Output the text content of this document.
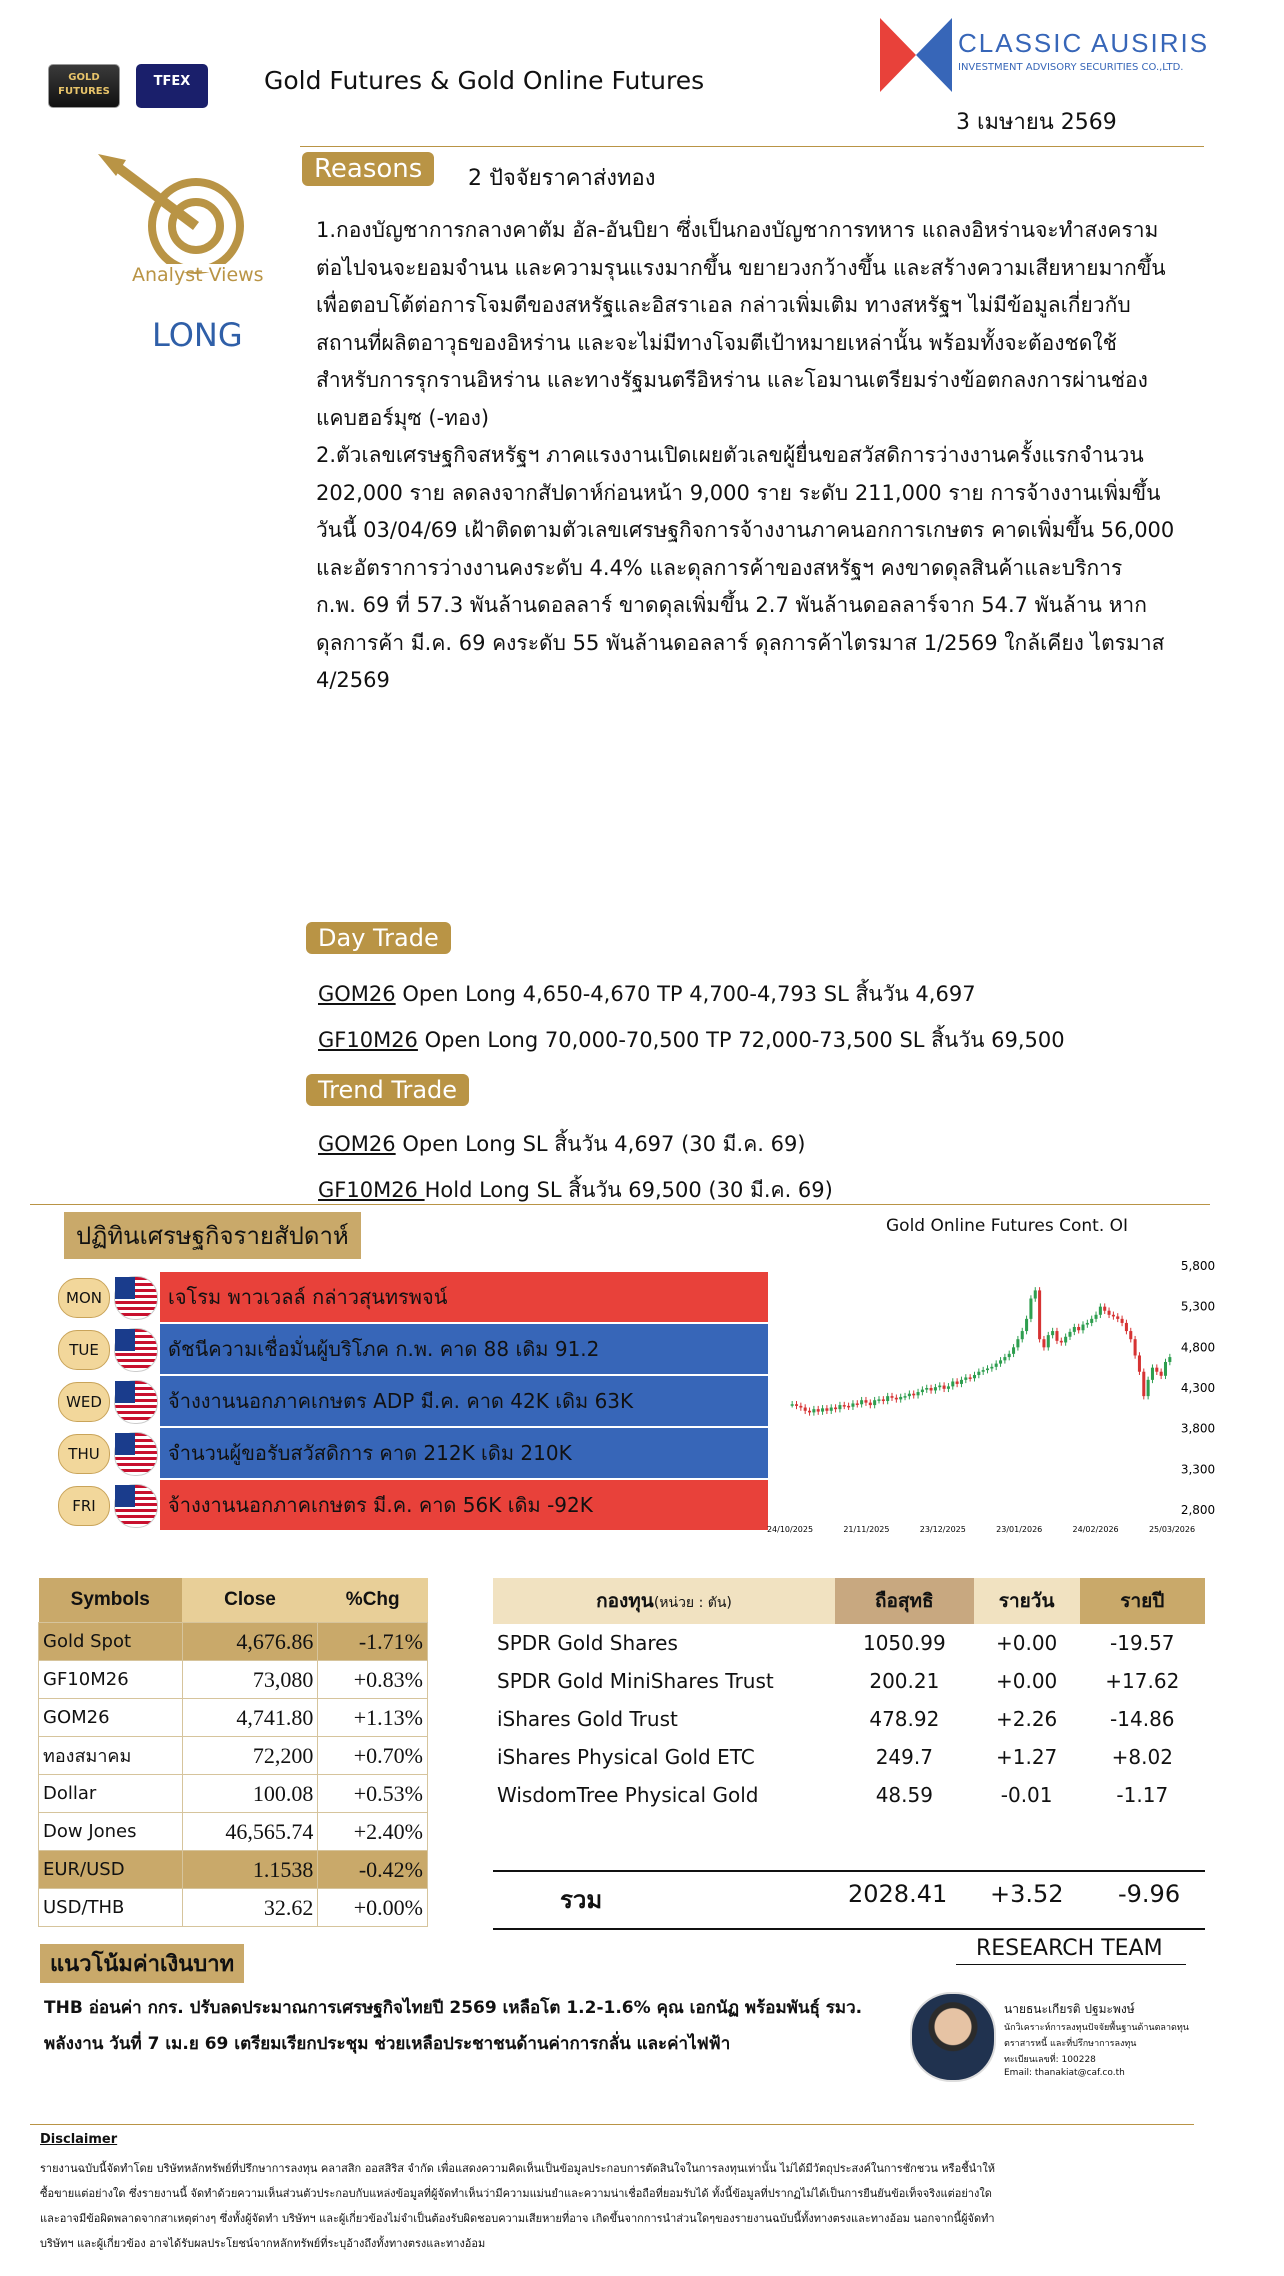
GOLD FUTURES
TFEX	Gold Futures & Gold Online Futures
CLASSIC AUSIRIS
INVESTMENT ADVISORY SECURITIES CO.,LTD.
3 เมษายน 2569
Analyst Views
LONG
Reasons	2 ปัจจัยราคาส่งทอง
1.กองบัญชาการกลางคาตัม อัล-อันบิยา ซึ่งเป็นกองบัญชาการทหาร แถลงอิหร่านจะทำสงคราม
ต่อไปจนจะยอมจำนน และความรุนแรงมากขึ้น ขยายวงกว้างขึ้น และสร้างความเสียหายมากขึ้น
เพื่อตอบโต้ต่อการโจมตีของสหรัฐและอิสราเอล กล่าวเพิ่มเติม ทางสหรัฐฯ ไม่มีข้อมูลเกี่ยวกับ
สถานที่ผลิตอาวุธของอิหร่าน และจะไม่มีทางโจมตีเป้าหมายเหล่านั้น พร้อมทั้งจะต้องชดใช้
สำหรับการรุกรานอิหร่าน และทางรัฐมนตรีอิหร่าน และโอมานเตรียมร่างข้อตกลงการผ่านช่อง
แคบฮอร์มุซ (-ทอง)
2.ตัวเลขเศรษฐกิจสหรัฐฯ ภาคแรงงานเปิดเผยตัวเลขผู้ยื่นขอสวัสดิการว่างงานครั้งแรกจำนวน
202,000 ราย ลดลงจากสัปดาห์ก่อนหน้า 9,000 ราย ระดับ 211,000 ราย การจ้างงานเพิ่มขึ้น
วันนี้ 03/04/69 เฝ้าติดตามตัวเลขเศรษฐกิจการจ้างงานภาคนอกการเกษตร คาดเพิ่มขึ้น 56,000
และอัตราการว่างงานคงระดับ 4.4% และดุลการค้าของสหรัฐฯ คงขาดดุลสินค้าและบริการ
ก.พ. 69 ที่ 57.3 พันล้านดอลลาร์ ขาดดุลเพิ่มขึ้น 2.7 พันล้านดอลลาร์จาก 54.7 พันล้าน หาก
ดุลการค้า มี.ค. 69 คงระดับ 55 พันล้านดอลลาร์ ดุลการค้าไตรมาส 1/2569 ใกล้เคียง ไตรมาส
4/2569
Day Trade
GOM26 Open Long 4,650-4,670 TP 4,700-4,793 SL สิ้นวัน 4,697
GF10M26 Open Long 70,000-70,500 TP 72,000-73,500 SL สิ้นวัน 69,500
Trend Trade
GOM26 Open Long SL สิ้นวัน 4,697 (30 มี.ค. 69)
GF10M26 Hold Long SL สิ้นวัน 69,500 (30 มี.ค. 69)
ปฏิทินเศรษฐกิจรายสัปดาห์
MON	เจโรม พาวเวลล์ กล่าวสุนทรพจน์
TUE	ดัชนีความเชื่อมั่นผู้บริโภค ก.พ. คาด 88 เดิม 91.2
WED	จ้างงานนอกภาคเกษตร ADP มี.ค. คาด 42K เดิม 63K
THU	จำนวนผู้ขอรับสวัสดิการ คาด 212K เดิม 210K
FRI	จ้างงานนอกภาคเกษตร มี.ค. คาด 56K เดิม -92K
Gold Online Futures Cont. OI
5,800
5,300
4,800
4,300
3,800
3,300
2,800
24/10/2025	21/11/2025	23/12/2025	23/01/2026	24/02/2026	25/03/2026
Symbols	Close	%Chg
Gold Spot	4,676.86	-1.71%
GF10M26	73,080	+0.83%
GOM26	4,741.80	+1.13%
ทองสมาคม	72,200	+0.70%
Dollar	100.08	+0.53%
Dow Jones	46,565.74	+2.40%
EUR/USD	1.1538	-0.42%
USD/THB	32.62	+0.00%
กองทุน(หน่วย : ตัน)	ถือสุทธิ	รายวัน	รายปี
SPDR Gold Shares	1050.99	+0.00	-19.57
SPDR Gold MiniShares Trust	200.21	+0.00	+17.62
iShares Gold Trust	478.92	+2.26	-14.86
iShares Physical Gold ETC	249.7	+1.27	+8.02
WisdomTree Physical Gold	48.59	-0.01	-1.17
รวม	2028.41 +3.52 -9.96
แนวโน้มค่าเงินบาท
THB อ่อนค่า กกร. ปรับลดประมาณการเศรษฐกิจไทยปี 2569 เหลือโต 1.2-1.6% คุณ เอกนัฏ พร้อมพันธุ์ รมว.
พลังงาน วันที่ 7 เม.ย 69 เตรียมเรียกประชุม ช่วยเหลือประชาชนด้านค่าการกลั่น และค่าไฟฟ้า
RESEARCH TEAM
นายธนะเกียรติ ปฐมะพงษ์
นักวิเคราะห์การลงทุนปัจจัยพื้นฐานด้านตลาดทุน
ตราสารหนี้ และที่ปรึกษาการลงทุน
ทะเบียนเลขที่: 100228
Email: thanakiat@caf.co.th
Disclaimer
รายงานฉบับนี้จัดทำโดย บริษัทหลักทรัพย์ที่ปรึกษาการลงทุน คลาสสิก ออสสิริส จำกัด เพื่อแสดงความคิดเห็นเป็นข้อมูลประกอบการตัดสินใจในการลงทุนเท่านั้น ไม่ได้มีวัตถุประสงค์ในการชักชวน หรือชี้นำให้
ซื้อขายแต่อย่างใด ซึ่งรายงานนี้ จัดทำด้วยความเห็นส่วนตัวประกอบกับแหล่งข้อมูลที่ผู้จัดทำเห็นว่ามีความแม่นยำและความน่าเชื่อถือที่ยอมรับได้ ทั้งนี้ข้อมูลที่ปรากฏไม่ได้เป็นการยืนยันข้อเท็จจริงแต่อย่างใด
และอาจมีข้อผิดพลาดจากสาเหตุต่างๆ ซึ่งทั้งผู้จัดทำ บริษัทฯ และผู้เกี่ยวข้องไม่จำเป็นต้องรับผิดชอบความเสียหายที่อาจ เกิดขึ้นจากการนำส่วนใดๆของรายงานฉบับนี้ทั้งทางตรงและทางอ้อม นอกจากนี้ผู้จัดทำ
บริษัทฯ และผู้เกี่ยวข้อง อาจได้รับผลประโยชน์จากหลักทรัพย์ที่ระบุอ้างถึงทั้งทางตรงและทางอ้อม
